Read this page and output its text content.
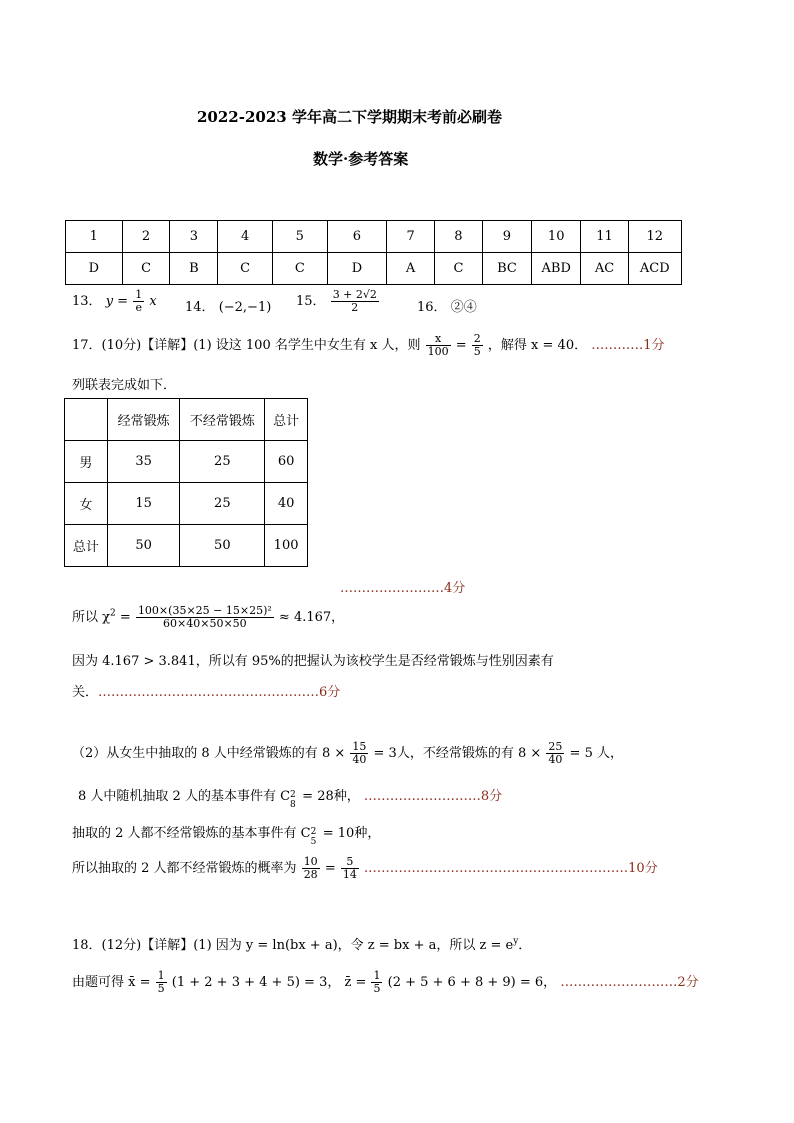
2022-2023 学年高二下学期期末考前必刷卷
数学·参考答案
1	2	3	4	5	6	7	8	9	10	11	12
D	C	B	C	C	D	A	C	BC	ABD	AC	ACD
13． $y = \frac{1}{e}$ x 14． (−2,−1) 15． $\frac{3 + 2√2}{2}$	16． ②④
17．(10分)【详解】(1) 设这 100 名学生中女生有 x 人，则 $\frac{x}{100} = \frac{2}{5}$ ，解得 x = 40． …………1分
列联表完成如下．
	经常锻炼	不经常锻炼	总计
男	35	25	60
女	15	25	40
总计	50	50	100
……………………4分
所以 $\chi^2 = \frac{\text{100×(35×25 − 15×25)²}}{60\times 40\times 50\times 50} \approx 4.167$，
因为 4.167 > 3.841，所以有 95%的把握认为该校学生是否经常锻炼与性别因素有
关．……………………………………………6分
（2）从女生中抽取的 8 人中经常锻炼的有 $8 \times \frac{15}{40} = 3$人，不经常锻炼的有 $8 \times \frac{25}{40} = 5$ 人，
8 人中随机抽取 2 人的基本事件有 C 2
8
= 28种， ………………………8分
抽取的 2 人都不经常锻炼的基本事件有 C 2
5
= 10种，
所以抽取的 2 人都不经常锻炼的概率为 $\frac{10}{28} = \frac{5}{14}$ .……………………………………………………10分
18．(12分)【详解】(1) 因为 y = ln(bx + a)，令 z = bx + a，所以 $z = e^y$．
由题可得 x̄ = $\frac{1}{5} (1 + 2 + 3 + 4 + 5) = 3$， z̄ = $\frac{1}{5} (2 + 5 + 6 + 8 + 9) = 6$， ………………………2分
